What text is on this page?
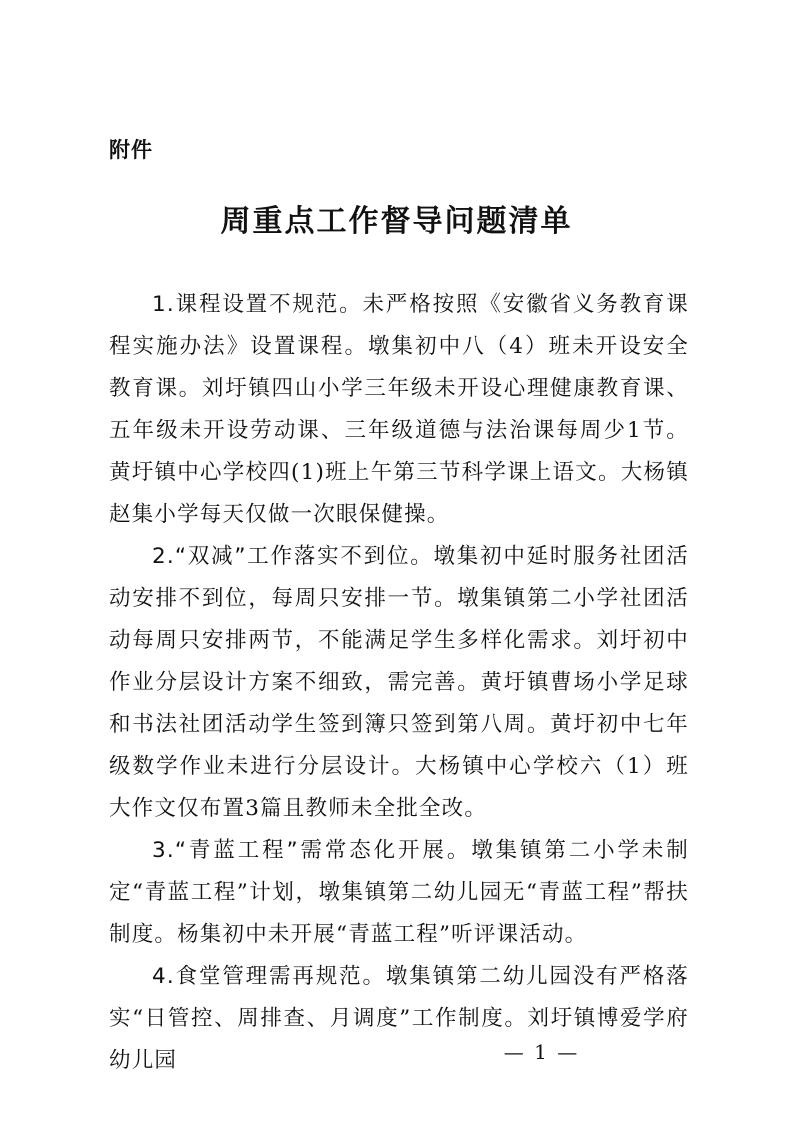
附件
周重点工作督导问题清单

1.课程设置不规范。未严格按照《安徽省义务教育课程实施办法》设置课程。墩集初中八（4）班未开设安全教育课。刘圩镇四山小学三年级未开设心理健康教育课、五年级未开设劳动课、三年级道德与法治课每周少1节。黄圩镇中心学校四(1)班上午第三节科学课上语文。大杨镇赵集小学每天仅做一次眼保健操。

2.“双减”工作落实不到位。墩集初中延时服务社团活动安排不到位，每周只安排一节。墩集镇第二小学社团活动每周只安排两节，不能满足学生多样化需求。刘圩初中作业分层设计方案不细致，需完善。黄圩镇曹场小学足球和书法社团活动学生签到簿只签到第八周。黄圩初中七年级数学作业未进行分层设计。大杨镇中心学校六（1）班大作文仅布置3篇且教师未全批全改。

3.“青蓝工程”需常态化开展。墩集镇第二小学未制定“青蓝工程”计划，墩集镇第二幼儿园无“青蓝工程”帮扶制度。杨集初中未开展“青蓝工程”听评课活动。

4.食堂管理需再规范。墩集镇第二幼儿园没有严格落实“日管控、周排查、月调度”工作制度。刘圩镇博爱学府幼儿园	— 1 —
